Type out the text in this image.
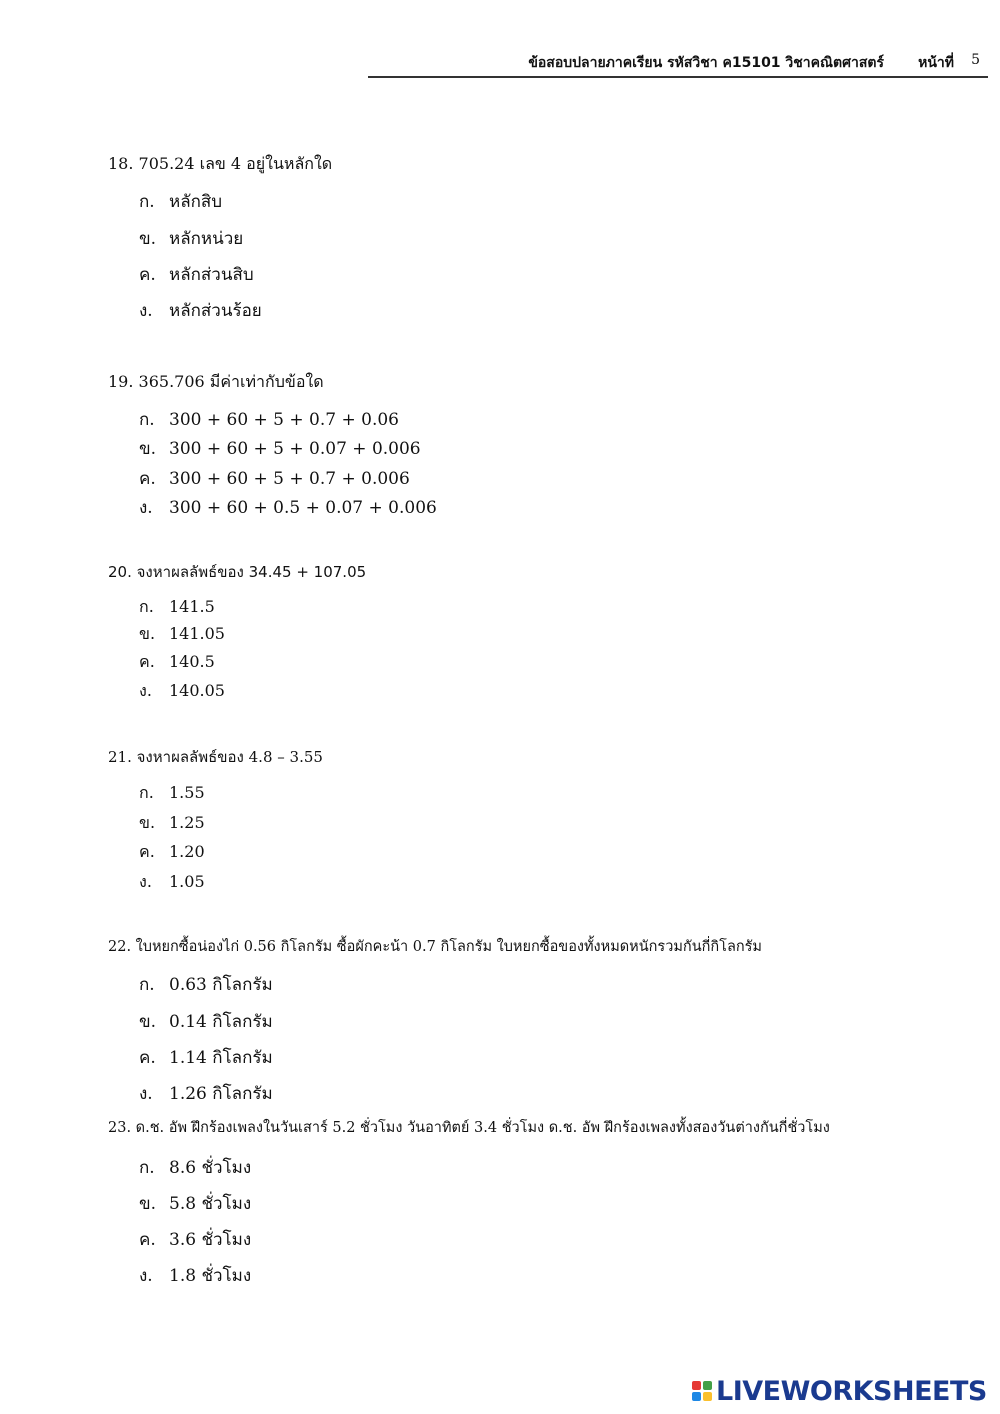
ข้อสอบปลายภาคเรียน รหัสวิชา ค15101 วิชาคณิตศาสตร์ หน้าที่ 5
18. 705.24 เลข 4 อยู่ในหลักใด
ก. หลักสิบ
ข. หลักหน่วย
ค. หลักส่วนสิบ
ง. หลักส่วนร้อย
19. 365.706 มีค่าเท่ากับข้อใด
ก. 300 + 60 + 5 + 0.7 + 0.06
ข. 300 + 60 + 5 + 0.07 + 0.006
ค. 300 + 60 + 5 + 0.7 + 0.006
ง. 300 + 60 + 0.5 + 0.07 + 0.006
20. จงหาผลลัพธ์ของ 34.45 + 107.05
ก. 141.5
ข. 141.05
ค. 140.5
ง. 140.05
21. จงหาผลลัพธ์ของ 4.8 – 3.55
ก. 1.55
ข. 1.25
ค. 1.20
ง. 1.05
22. ใบหยกซื้อน่องไก่ 0.56 กิโลกรัม ซื้อผักคะน้า 0.7 กิโลกรัม ใบหยกซื้อของทั้งหมดหนักรวมกันกี่กิโลกรัม
ก. 0.63 กิโลกรัม
ข. 0.14 กิโลกรัม
ค. 1.14 กิโลกรัม
ง. 1.26 กิโลกรัม
23. ด.ช. อัพ ฝึกร้องเพลงในวันเสาร์ 5.2 ชั่วโมง วันอาทิตย์ 3.4 ชั่วโมง ด.ช. อัพ ฝึกร้องเพลงทั้งสองวันต่างกันกี่ชั่วโมง
ก. 8.6 ชั่วโมง
ข. 5.8 ชั่วโมง
ค. 3.6 ชั่วโมง
ง. 1.8 ชั่วโมง
LIVEWORKSHEETS
